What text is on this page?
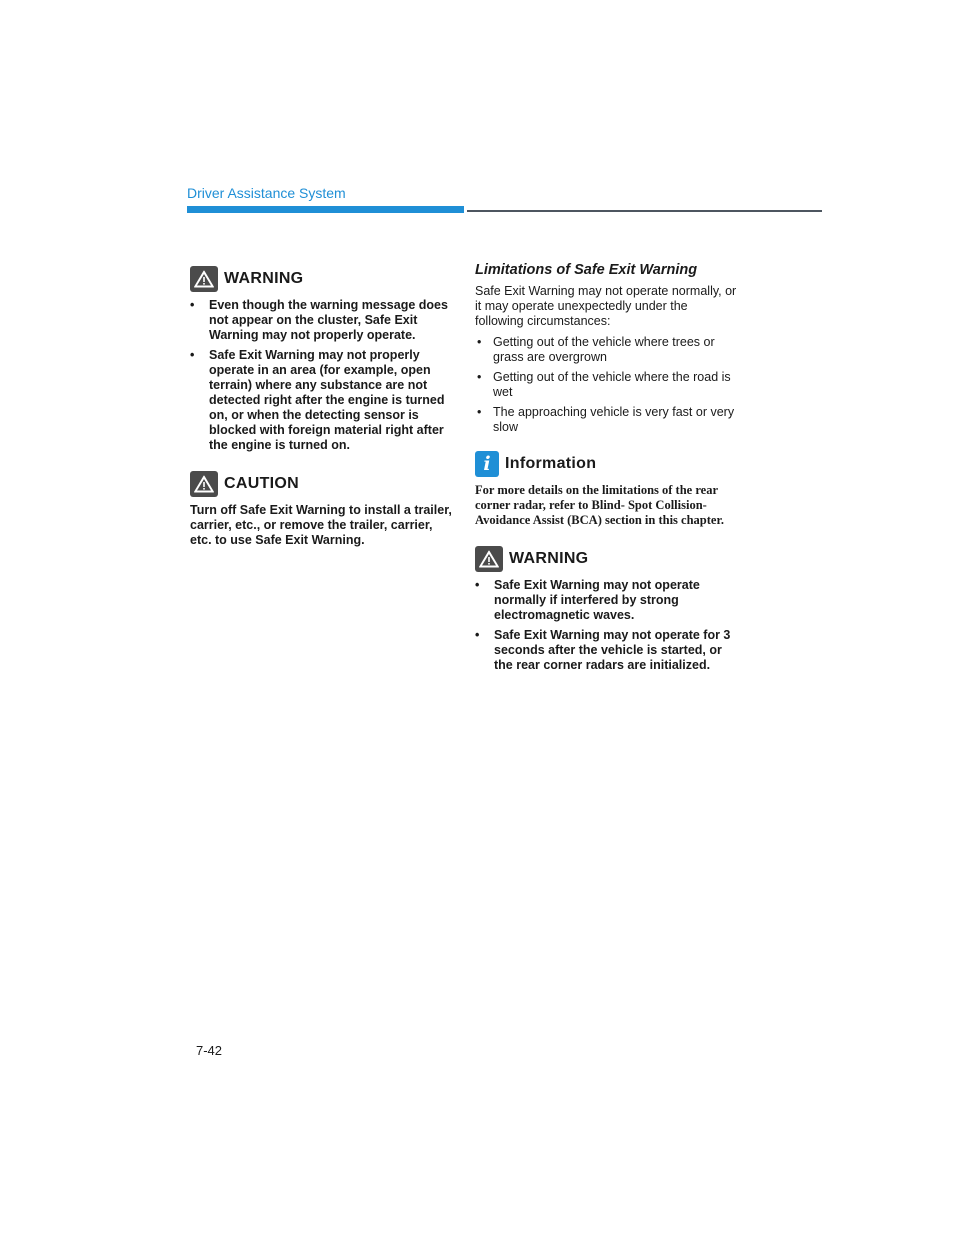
Driver Assistance System
WARNING
• Even though the warning message does not appear on the cluster, Safe Exit Warning may not properly operate.
• Safe Exit Warning may not properly operate in an area (for example, open terrain) where any substance are not detected right after the engine is turned on, or when the detecting sensor is blocked with foreign material right after the engine is turned on.
CAUTION

Turn off Safe Exit Warning to install a trailer, carrier, etc., or remove the trailer, carrier, etc. to use Safe Exit Warning.

Limitations of Safe Exit Warning

Safe Exit Warning may not operate normally, or it may operate unexpectedly under the following circumstances:

• Getting out of the vehicle where trees or grass are overgrown
• Getting out of the vehicle where the road is wet
• The approaching vehicle is very fast or very slow
i Information

For more details on the limitations of the rear corner radar, refer to Blind- Spot Collision-Avoidance Assist (BCA) section in this chapter.

WARNING
• Safe Exit Warning may not operate normally if interfered by strong electromagnetic waves.
• Safe Exit Warning may not operate for 3 seconds after the vehicle is started, or the rear corner radars are initialized.
7-42
